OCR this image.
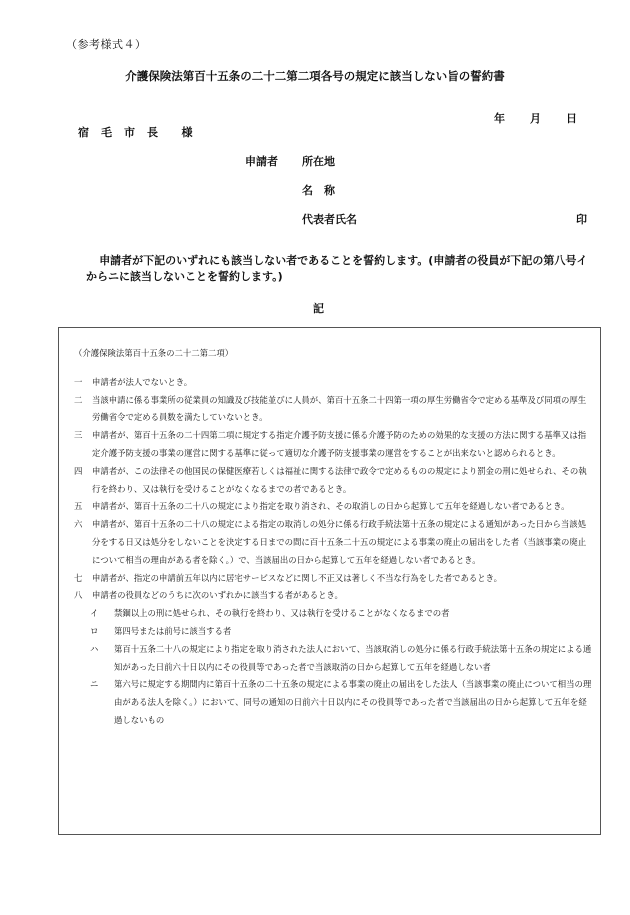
（参考様式４）
介護保険法第百十五条の二十二第二項各号の規定に該当しない旨の誓約書
年 月 日
宿　毛　市　長　　様
申請者 所在地
名　称
代表者氏名	印
申請者が下記のいずれにも該当しない者であることを誓約します。(申請者の役員が下記の第八号イからニに該当しないことを誓約します。)
記
（介護保険法第百十五条の二十二第二項）
一	申請者が法人でないとき。
二	当該申請に係る事業所の従業員の知識及び技能並びに人員が、第百十五条二十四第一項の厚生労働省令で定める基準及び同項の厚生労働省令で定める員数を満たしていないとき。
三	申請者が、第百十五条の二十四第二項に規定する指定介護予防支援に係る介護予防のための効果的な支援の方法に関する基準又は指定介護予防支援の事業の運営に関する基準に従って適切な介護予防支援事業の運営をすることが出来ないと認められるとき。
四	申請者が、この法律その他国民の保健医療若しくは福祉に関する法律で政令で定めるものの規定により罰金の刑に処せられ、その執行を終わり、又は執行を受けることがなくなるまでの者であるとき。
五	申請者が、第百十五条の二十八の規定により指定を取り消され、その取消しの日から起算して五年を経過しない者であるとき。
六	申請者が、第百十五条の二十八の規定による指定の取消しの処分に係る行政手続法第十五条の規定による通知があった日から当該処分をする日又は処分をしないことを決定する日までの間に百十五条二十五の規定による事業の廃止の届出をした者（当該事業の廃止について相当の理由がある者を除く。）で、当該届出の日から起算して五年を経過しない者であるとき。
七	申請者が、指定の申請前五年以内に居宅サービスなどに関し不正又は著しく不当な行為をした者であるとき。
八	申請者の役員などのうちに次のいずれかに該当する者があるとき。
イ	禁錮以上の刑に処せられ、その執行を終わり、又は執行を受けることがなくなるまでの者
ロ	第四号または前号に該当する者
ハ	第百十五条二十八の規定により指定を取り消された法人において、当該取消しの処分に係る行政手続法第十五条の規定による通知があった日前六十日以内にその役員等であった者で当該取消の日から起算して五年を経過しない者
ニ	第六号に規定する期間内に第百十五条の二十五条の規定による事業の廃止の届出をした法人（当該事業の廃止について相当の理由がある法人を除く。）において、同号の通知の日前六十日以内にその役員等であった者で当該届出の日から起算して五年を経過しないもの
